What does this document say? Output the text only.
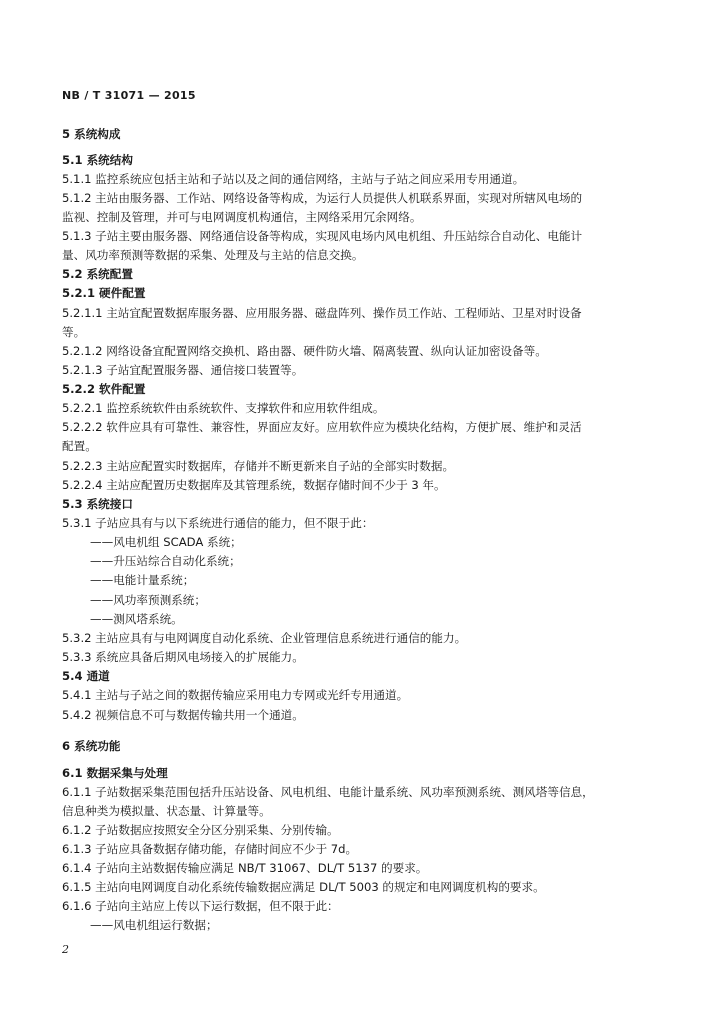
NB / T 31071 — 2015
5 系统构成
5.1 系统结构
5.1.1 监控系统应包括主站和子站以及之间的通信网络，主站与子站之间应采用专用通道。
5.1.2 主站由服务器、工作站、网络设备等构成，为运行人员提供人机联系界面，实现对所辖风电场的
监视、控制及管理，并可与电网调度机构通信，主网络采用冗余网络。
5.1.3 子站主要由服务器、网络通信设备等构成，实现风电场内风电机组、升压站综合自动化、电能计
量、风功率预测等数据的采集、处理及与主站的信息交换。
5.2 系统配置
5.2.1 硬件配置
5.2.1.1 主站宜配置数据库服务器、应用服务器、磁盘阵列、操作员工作站、工程师站、卫星对时设备
等。
5.2.1.2 网络设备宜配置网络交换机、路由器、硬件防火墙、隔离装置、纵向认证加密设备等。
5.2.1.3 子站宜配置服务器、通信接口装置等。
5.2.2 软件配置
5.2.2.1 监控系统软件由系统软件、支撑软件和应用软件组成。
5.2.2.2 软件应具有可靠性、兼容性，界面应友好。应用软件应为模块化结构，方便扩展、维护和灵活
配置。
5.2.2.3 主站应配置实时数据库，存储并不断更新来自子站的全部实时数据。
5.2.2.4 主站应配置历史数据库及其管理系统，数据存储时间不少于 3 年。
5.3 系统接口
5.3.1 子站应具有与以下系统进行通信的能力，但不限于此：
——风电机组 SCADA 系统；
——升压站综合自动化系统；
——电能计量系统；
——风功率预测系统；
——测风塔系统。
5.3.2 主站应具有与电网调度自动化系统、企业管理信息系统进行通信的能力。
5.3.3 系统应具备后期风电场接入的扩展能力。
5.4 通道
5.4.1 主站与子站之间的数据传输应采用电力专网或光纤专用通道。
5.4.2 视频信息不可与数据传输共用一个通道。
6 系统功能
6.1 数据采集与处理
6.1.1 子站数据采集范围包括升压站设备、风电机组、电能计量系统、风功率预测系统、测风塔等信息，
信息种类为模拟量、状态量、计算量等。
6.1.2 子站数据应按照安全分区分别采集、分别传输。
6.1.3 子站应具备数据存储功能，存储时间应不少于 7d。
6.1.4 子站向主站数据传输应满足 NB/T 31067、DL/T 5137 的要求。
6.1.5 主站向电网调度自动化系统传输数据应满足 DL/T 5003 的规定和电网调度机构的要求。
6.1.6 子站向主站应上传以下运行数据，但不限于此：
——风电机组运行数据；
2
